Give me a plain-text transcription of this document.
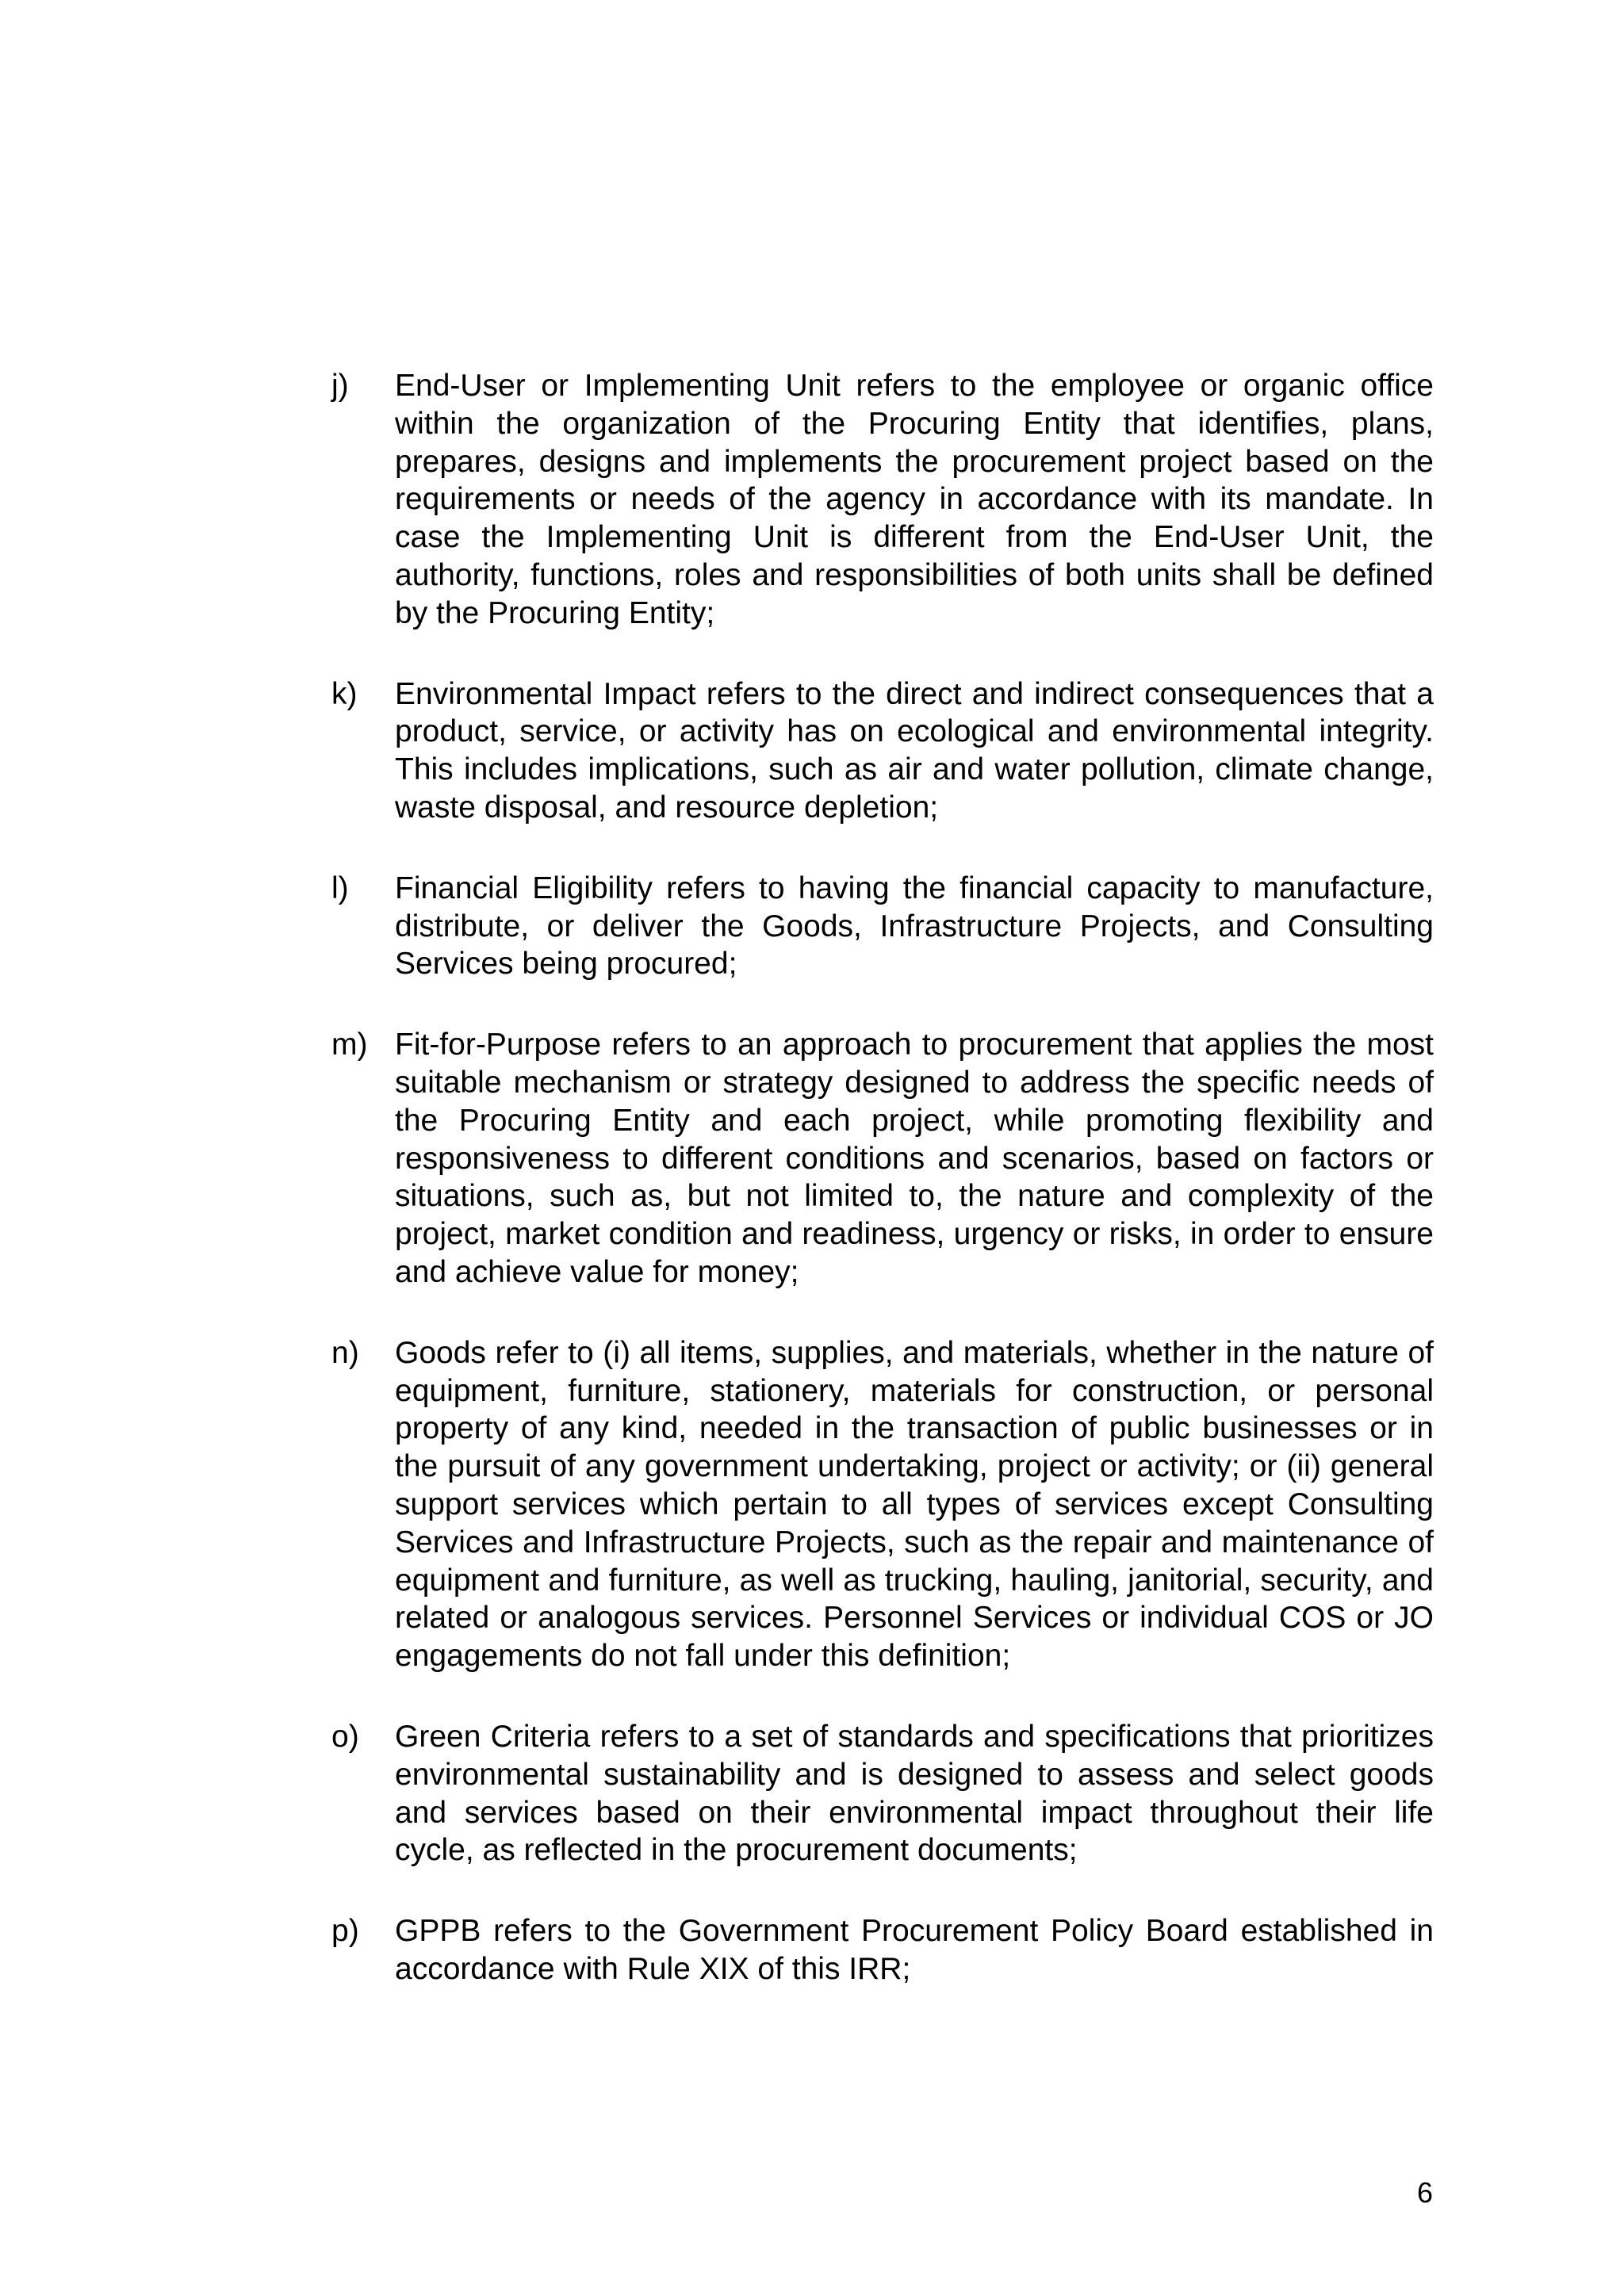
j)	End-User or Implementing Unit refers to the employee or organic office within the organization of the Procuring Entity that identifies, plans, prepares, designs and implements the procurement project based on the requirements or needs of the agency in accordance with its mandate. In case the Implementing Unit is different from the End-User Unit, the authority, functions, roles and responsibilities of both units shall be defined by the Procuring Entity;
k)	Environmental Impact refers to the direct and indirect consequences that a product, service, or activity has on ecological and environmental integrity. This includes implications, such as air and water pollution, climate change, waste disposal, and resource depletion;
l)	Financial Eligibility refers to having the financial capacity to manufacture, distribute, or deliver the Goods, Infrastructure Projects, and Consulting Services being procured;
m) Fit-for-Purpose refers to an approach to procurement that applies the most suitable mechanism or strategy designed to address the specific needs of the Procuring Entity and each project, while promoting flexibility and responsiveness to different conditions and scenarios, based on factors or situations, such as, but not limited to, the nature and complexity of the project, market condition and readiness, urgency or risks, in order to ensure and achieve value for money;
n)	Goods refer to (i) all items, supplies, and materials, whether in the nature of equipment, furniture, stationery, materials for construction, or personal property of any kind, needed in the transaction of public businesses or in the pursuit of any government undertaking, project or activity; or (ii) general support services which pertain to all types of services except Consulting Services and Infrastructure Projects, such as the repair and maintenance of equipment and furniture, as well as trucking, hauling, janitorial, security, and related or analogous services. Personnel Services or individual COS or JO engagements do not fall under this definition;
o)	Green Criteria refers to a set of standards and specifications that prioritizes environmental sustainability and is designed to assess and select goods and services based on their environmental impact throughout their life cycle, as reflected in the procurement documents;
p)	GPPB refers to the Government Procurement Policy Board established in accordance with Rule XIX of this IRR;
6
